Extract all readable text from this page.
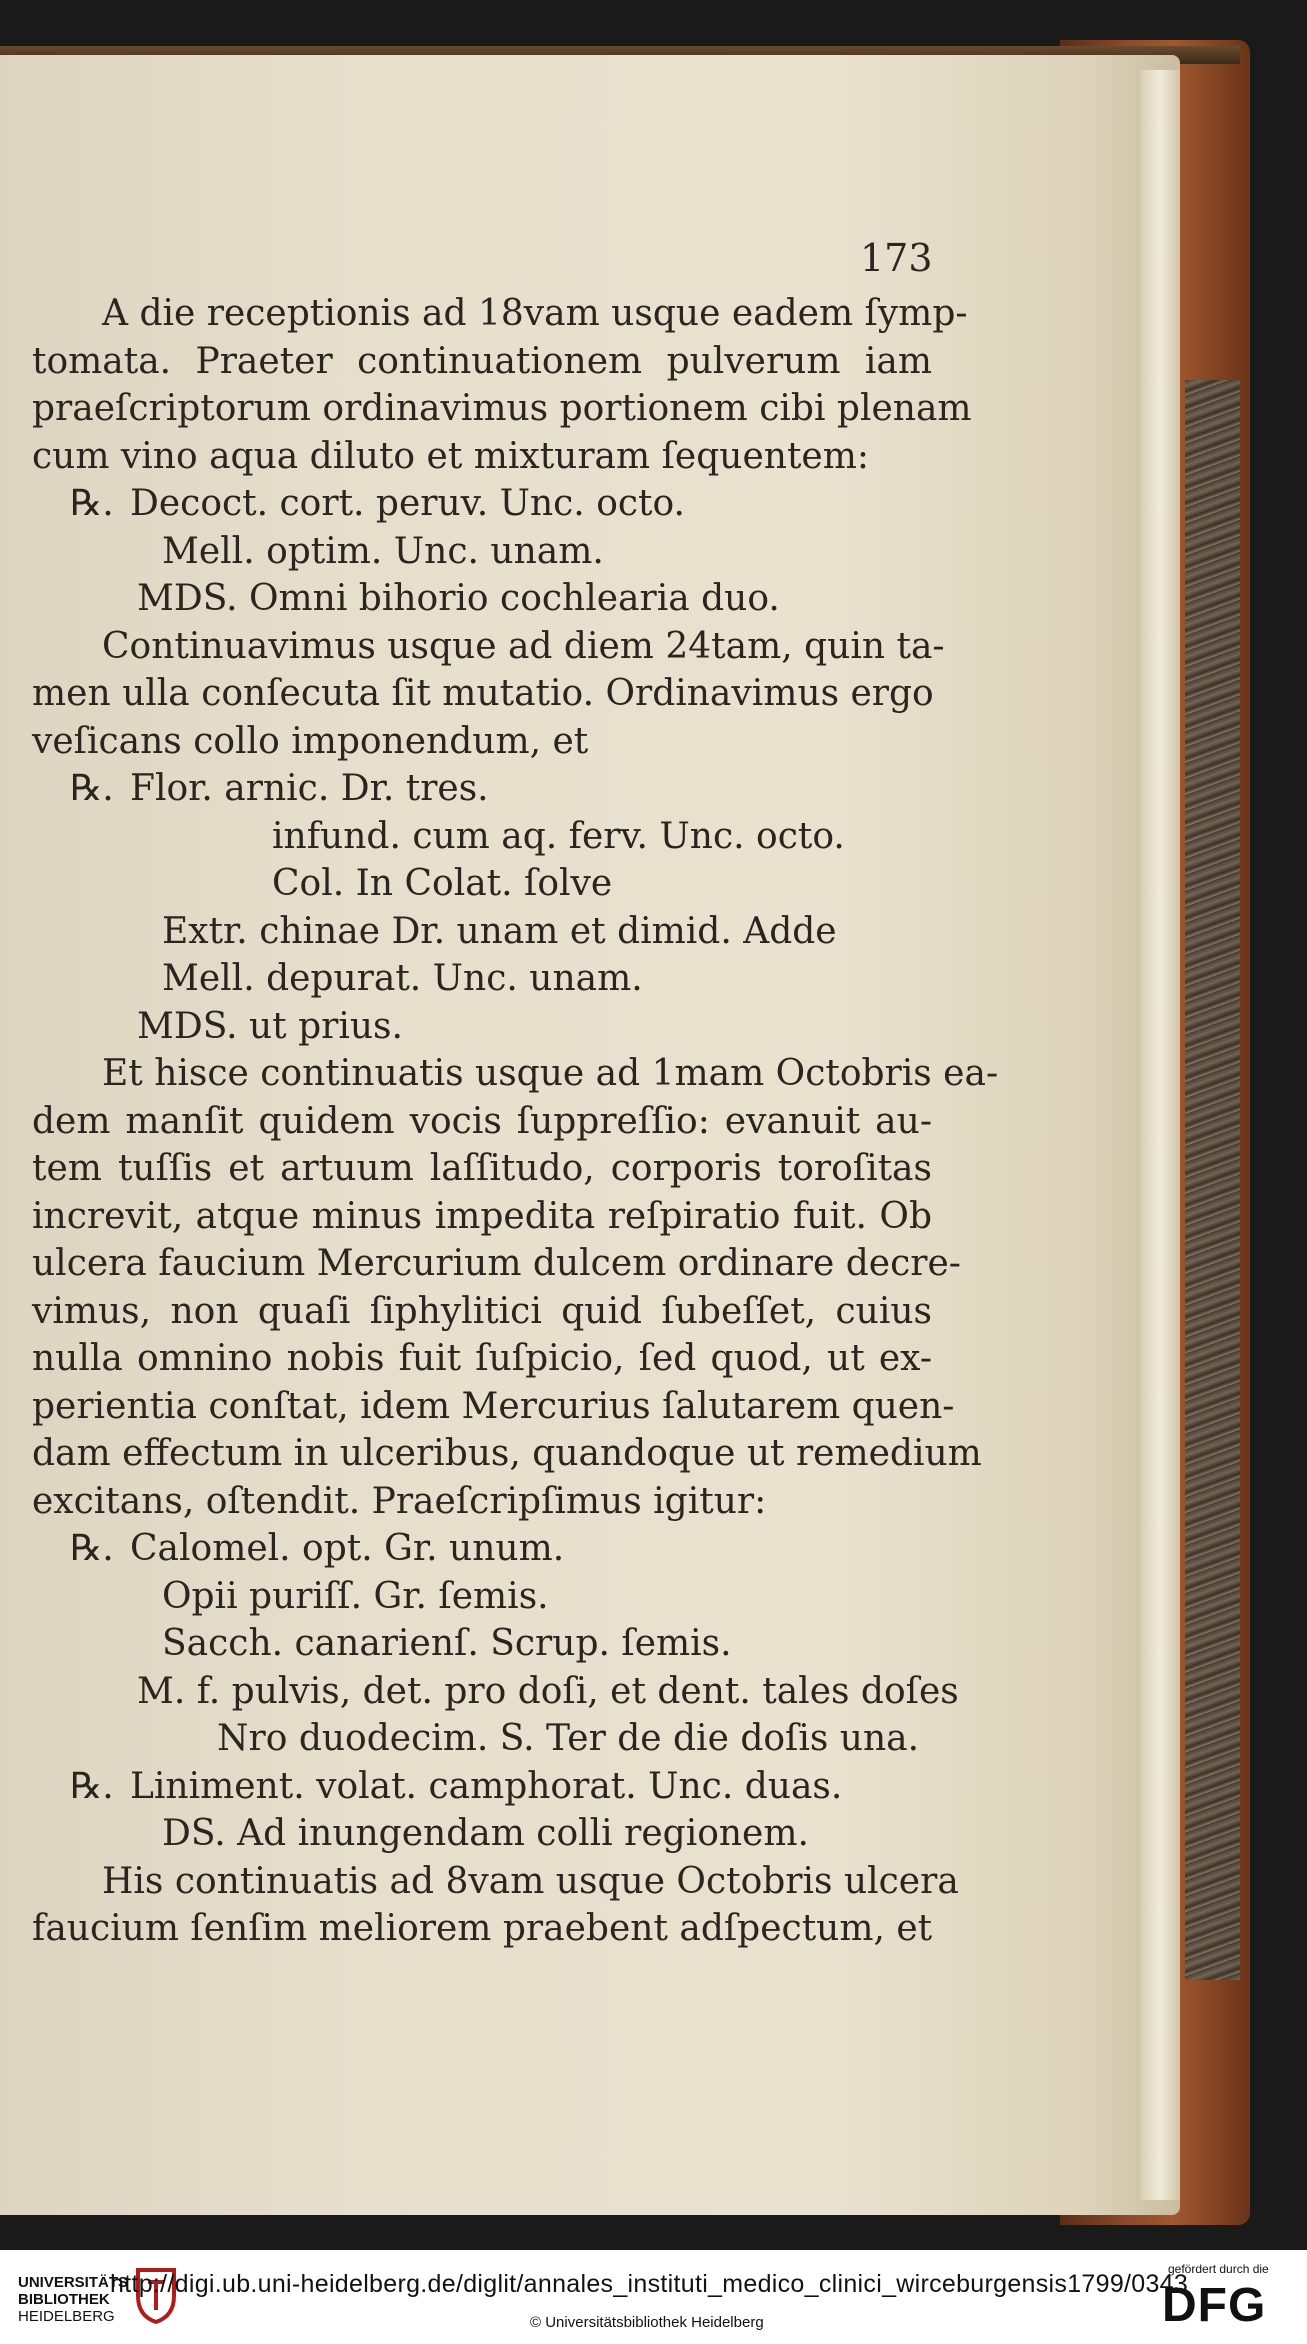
173
A die receptionis ad 18vam usque eadem ſymp-
tomata. Praeter continuationem pulverum iam
praeſcriptorum ordinavimus portionem cibi plenam
cum vino aqua diluto et mixturam ſequentem:
℞. Decoct. cort. peruv. Unc. octo.
Mell. optim. Unc. unam.
MDS. Omni bihorio cochlearia duo.
Continuavimus usque ad diem 24tam, quin ta-
men ulla conſecuta ſit mutatio. Ordinavimus ergo
veſicans collo imponendum, et
℞. Flor. arnic. Dr. tres.
infund. cum aq. ferv. Unc. octo.
Col. In Colat. ſolve
Extr. chinae Dr. unam et dimid. Adde
Mell. depurat. Unc. unam.
MDS. ut prius.
Et hisce continuatis usque ad 1mam Octobris ea-
dem manſit quidem vocis ſuppreſſio: evanuit au-
tem tuſſis et artuum laſſitudo, corporis toroſitas
increvit, atque minus impedita reſpiratio fuit. Ob
ulcera faucium Mercurium dulcem ordinare decre-
vimus, non quaſi ſiphylitici quid ſubeſſet, cuius
nulla omnino nobis fuit ſuſpicio, ſed quod, ut ex-
perientia conſtat, idem Mercurius ſalutarem quen-
dam effectum in ulceribus, quandoque ut remedium
excitans, oſtendit. Praeſcripſimus igitur:
℞. Calomel. opt. Gr. unum.
Opii puriſſ. Gr. ſemis.
Sacch. canarienſ. Scrup. ſemis.
M. f. pulvis, det. pro doſi, et dent. tales doſes
Nro duodecim. S. Ter de die doſis una.
℞. Liniment. volat. camphorat. Unc. duas.
DS. Ad inungendam colli regionem.
His continuatis ad 8vam usque Octobris ulcera
faucium ſenſim meliorem praebent adſpectum, et
UNIVERSITÄTS
BIBLIOTHEK
HEIDELBERG
http://digi.ub.uni-heidelberg.de/diglit/annales_instituti_medico_clinici_wirceburgensis1799/0343
© Universitätsbibliothek Heidelberg
gefördert durch die
DFG
